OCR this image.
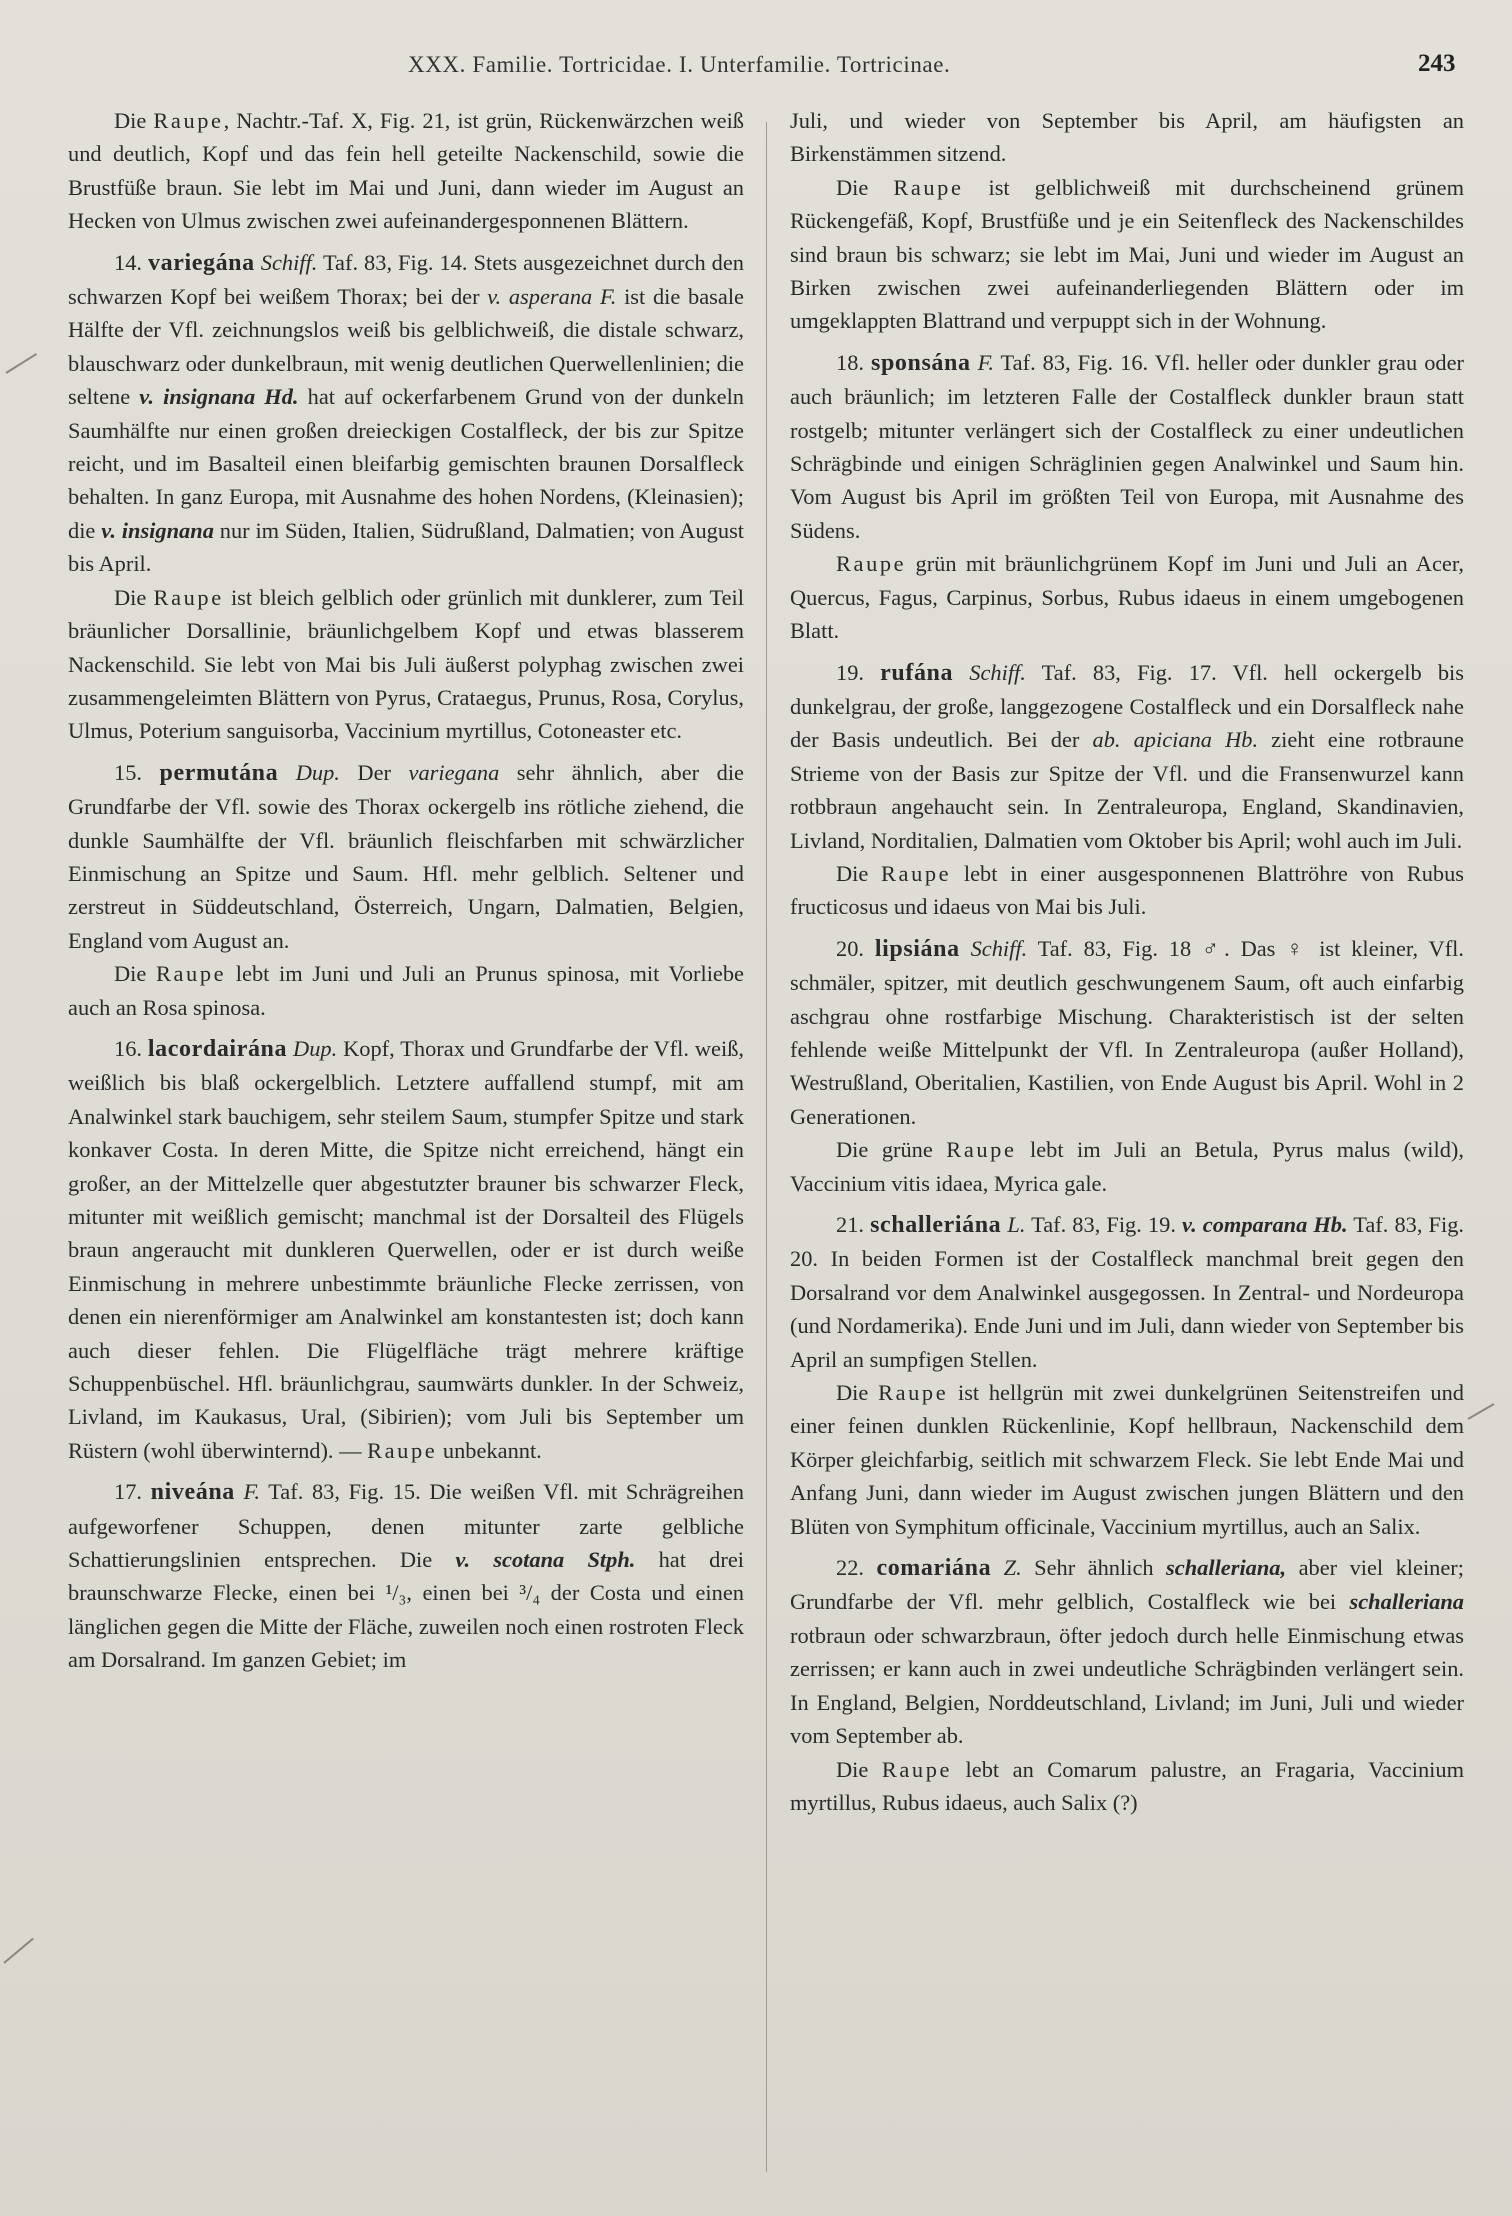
XXX. Familie. Tortricidae. I. Unterfamilie. Tortricinae.	243

Die Raupe, Nachtr.-Taf. X, Fig. 21, ist grün, Rückenwärzchen weiß und deutlich, Kopf und das fein hell geteilte Nackenschild, sowie die Brustfüße braun. Sie lebt im Mai und Juni, dann wieder im August an Hecken von Ulmus zwischen zwei aufeinandergesponnenen Blättern.

14. variegána Schiff. Taf. 83, Fig. 14. Stets ausgezeichnet durch den schwarzen Kopf bei weißem Thorax; bei der v. asperana F. ist die basale Hälfte der Vfl. zeichnungslos weiß bis gelblichweiß, die distale schwarz, blauschwarz oder dunkelbraun, mit wenig deutlichen Querwellenlinien; die seltene v. insignana Hd. hat auf ockerfarbenem Grund von der dunkeln Saumhälfte nur einen großen dreieckigen Costalfleck, der bis zur Spitze reicht, und im Basalteil einen bleifarbig gemischten braunen Dorsalfleck behalten. In ganz Europa, mit Ausnahme des hohen Nordens, (Kleinasien); die v. insignana nur im Süden, Italien, Südrußland, Dalmatien; von August bis April.

Die Raupe ist bleich gelblich oder grünlich mit dunklerer, zum Teil bräunlicher Dorsallinie, bräunlichgelbem Kopf und etwas blasserem Nackenschild. Sie lebt von Mai bis Juli äußerst polyphag zwischen zwei zusammengeleimten Blättern von Pyrus, Crataegus, Prunus, Rosa, Corylus, Ulmus, Poterium sanguisorba, Vaccinium myrtillus, Cotoneaster etc.

15. permutána Dup. Der variegana sehr ähnlich, aber die Grundfarbe der Vfl. sowie des Thorax ockergelb ins rötliche ziehend, die dunkle Saumhälfte der Vfl. bräunlich fleischfarben mit schwärzlicher Einmischung an Spitze und Saum. Hfl. mehr gelblich. Seltener und zerstreut in Süddeutschland, Österreich, Ungarn, Dalmatien, Belgien, England vom August an.

Die Raupe lebt im Juni und Juli an Prunus spinosa, mit Vorliebe auch an Rosa spinosa.

16. lacordairána Dup. Kopf, Thorax und Grundfarbe der Vfl. weiß, weißlich bis blaß ockergelblich. Letztere auffallend stumpf, mit am Analwinkel stark bauchigem, sehr steilem Saum, stumpfer Spitze und stark konkaver Costa. In deren Mitte, die Spitze nicht erreichend, hängt ein großer, an der Mittelzelle quer abgestutzter brauner bis schwarzer Fleck, mitunter mit weißlich gemischt; manchmal ist der Dorsalteil des Flügels braun angeraucht mit dunkleren Querwellen, oder er ist durch weiße Einmischung in mehrere unbestimmte bräunliche Flecke zerrissen, von denen ein nierenförmiger am Analwinkel am konstantesten ist; doch kann auch dieser fehlen. Die Flügelfläche trägt mehrere kräftige Schuppenbüschel. Hfl. bräunlichgrau, saumwärts dunkler. In der Schweiz, Livland, im Kaukasus, Ural, (Sibirien); vom Juli bis September um Rüstern (wohl überwinternd). — Raupe unbekannt.

17. niveána F. Taf. 83, Fig. 15. Die weißen Vfl. mit Schrägreihen aufgeworfener Schuppen, denen mitunter zarte gelbliche Schattierungslinien entsprechen. Die v. scotana Stph. hat drei braunschwarze Flecke, einen bei ¹/₃, einen bei ³/₄ der Costa und einen länglichen gegen die Mitte der Fläche, zuweilen noch einen rostroten Fleck am Dorsalrand. Im ganzen Gebiet; im

Juli, und wieder von September bis April, am häufigsten an Birkenstämmen sitzend.

Die Raupe ist gelblichweiß mit durchscheinend grünem Rückengefäß, Kopf, Brustfüße und je ein Seitenfleck des Nackenschildes sind braun bis schwarz; sie lebt im Mai, Juni und wieder im August an Birken zwischen zwei aufeinanderliegenden Blättern oder im umgeklappten Blattrand und verpuppt sich in der Wohnung.

18. sponsána F. Taf. 83, Fig. 16. Vfl. heller oder dunkler grau oder auch bräunlich; im letzteren Falle der Costalfleck dunkler braun statt rostgelb; mitunter verlängert sich der Costalfleck zu einer undeutlichen Schrägbinde und einigen Schräglinien gegen Analwinkel und Saum hin. Vom August bis April im größten Teil von Europa, mit Ausnahme des Südens.

Raupe grün mit bräunlichgrünem Kopf im Juni und Juli an Acer, Quercus, Fagus, Carpinus, Sorbus, Rubus idaeus in einem umgebogenen Blatt.

19. rufána Schiff. Taf. 83, Fig. 17. Vfl. hell ockergelb bis dunkelgrau, der große, langgezogene Costalfleck und ein Dorsalfleck nahe der Basis undeutlich. Bei der ab. apiciana Hb. zieht eine rotbraune Strieme von der Basis zur Spitze der Vfl. und die Fransenwurzel kann rotbbraun angehaucht sein. In Zentraleuropa, England, Skandinavien, Livland, Norditalien, Dalmatien vom Oktober bis April; wohl auch im Juli.

Die Raupe lebt in einer ausgesponnenen Blattröhre von Rubus fructicosus und idaeus von Mai bis Juli.

20. lipsiána Schiff. Taf. 83, Fig. 18 ♂. Das ♀ ist kleiner, Vfl. schmäler, spitzer, mit deutlich geschwungenem Saum, oft auch einfarbig aschgrau ohne rostfarbige Mischung. Charakteristisch ist der selten fehlende weiße Mittelpunkt der Vfl. In Zentraleuropa (außer Holland), Westrußland, Oberitalien, Kastilien, von Ende August bis April. Wohl in 2 Generationen.

Die grüne Raupe lebt im Juli an Betula, Pyrus malus (wild), Vaccinium vitis idaea, Myrica gale.

21. schalleriána L. Taf. 83, Fig. 19. v. comparana Hb. Taf. 83, Fig. 20. In beiden Formen ist der Costalfleck manchmal breit gegen den Dorsalrand vor dem Analwinkel ausgegossen. In Zentral- und Nordeuropa (und Nordamerika). Ende Juni und im Juli, dann wieder von September bis April an sumpfigen Stellen.

Die Raupe ist hellgrün mit zwei dunkelgrünen Seitenstreifen und einer feinen dunklen Rückenlinie, Kopf hellbraun, Nackenschild dem Körper gleichfarbig, seitlich mit schwarzem Fleck. Sie lebt Ende Mai und Anfang Juni, dann wieder im August zwischen jungen Blättern und den Blüten von Symphitum officinale, Vaccinium myrtillus, auch an Salix.

22. comariána Z. Sehr ähnlich schalleriana, aber viel kleiner; Grundfarbe der Vfl. mehr gelblich, Costalfleck wie bei schalleriana rotbraun oder schwarzbraun, öfter jedoch durch helle Einmischung etwas zerrissen; er kann auch in zwei undeutliche Schrägbinden verlängert sein. In England, Belgien, Norddeutschland, Livland; im Juni, Juli und wieder vom September ab.

Die Raupe lebt an Comarum palustre, an Fragaria, Vaccinium myrtillus, Rubus idaeus, auch Salix (?)
